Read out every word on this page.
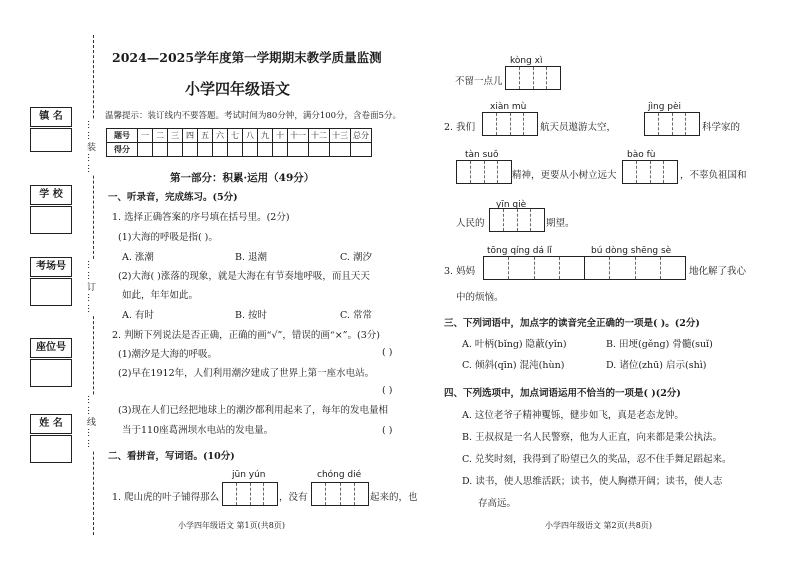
镇 名
学 校
考场号
座位号
姓 名
……装……
……订……
……线……
2024—2025学年度第一学期期末教学质量监测
小学四年级语文
温馨提示：装订线内不要答题。考试时间为80分钟，满分100分，含卷面5分。
题号	一	二	三	四	五	六	七	八	九	十	十一	十二	十三	总分
得分														
第一部分：积累·运用（49分）
一、听录音，完成练习。(5分)
1. 选择正确答案的序号填在括号里。(2分)
(1)大海的呼吸是指( )。
A. 涨潮	B. 退潮	C. 潮汐
(2)大海( )涨落的现象，就是大海在有节奏地呼吸，而且天天
如此，年年如此。
A. 有时	B. 按时	C. 常常
2. 判断下列说法是否正确，正确的画“√”，错误的画“×”。(3分)
(1)潮汐是大海的呼吸。	( )
(2)早在1912年，人们利用潮汐建成了世界上第一座水电站。
( )
(3)现在人们已经把地球上的潮汐都利用起来了，每年的发电量相
当于110座葛洲坝水电站的发电量。	( )
二、看拼音，写词语。(10分)
jūn yún	chóng dié
1. 爬山虎的叶子铺得那么	，没有	起来的，也
小学四年级语文 第1页(共8页)
kòng xì
不留一点儿
xiàn mù	jìng pèi
2. 我们	航天员遨游太空，	科学家的
tàn suǒ	bào fù
精神，更要从小树立远大	，不辜负祖国和
yīn qiè
人民的	期望。
tōng qíng dá lǐ	bú dòng shēng sè
3. 妈妈	地化解了我心
中的烦恼。
三、下列词语中，加点字的读音完全正确的一项是( )。(2分)
A. 叶柄(bǐng) 隐蔽(yǐn)	B. 田埂(gěng) 骨髓(suǐ)
C. 倾斜(qīn) 混沌(hùn)	D. 诸位(zhū) 启示(shì)
四、下列选项中，加点词语运用不恰当的一项是( )(2分)
A. 这位老爷子精神矍铄，健步如飞，真是老态龙钟。
B. 王叔叔是一名人民警察，他为人正直，向来都是秉公执法。
C. 兑奖时刻，我得到了盼望已久的奖品，忍不住手舞足蹈起来。
D. 读书，使人思维活跃；读书，使人胸襟开阔；读书，使人志
存高远。
小学四年级语文 第2页(共8页)
